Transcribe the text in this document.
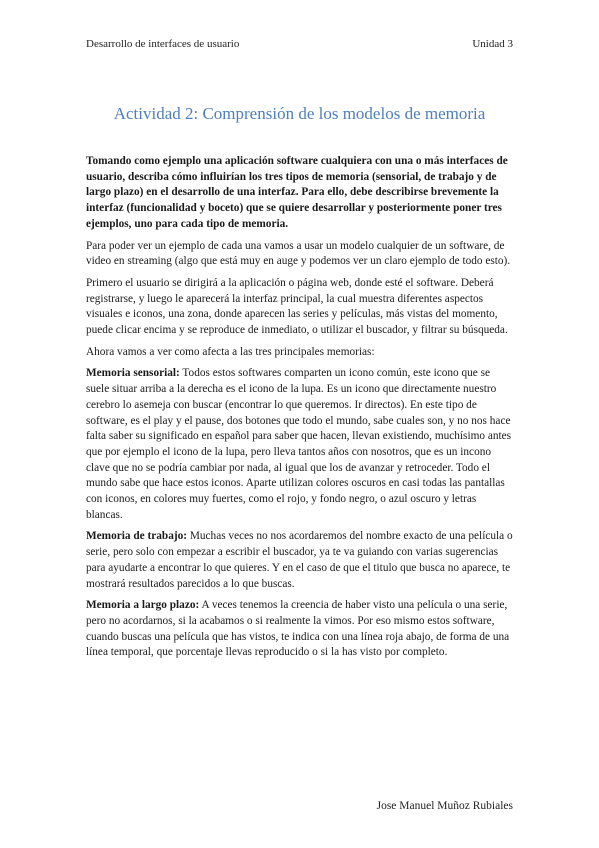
Desarrollo de interfaces de usuario	Unidad 3
Actividad 2: Comprensión de los modelos de memoria

Tomando como ejemplo una aplicación software cualquiera con una o más interfaces de usuario, describa cómo influirían los tres tipos de memoria (sensorial, de trabajo y de largo plazo) en el desarrollo de una interfaz. Para ello, debe describirse brevemente la interfaz (funcionalidad y boceto) que se quiere desarrollar y posteriormente poner tres ejemplos, uno para cada tipo de memoria.

Para poder ver un ejemplo de cada una vamos a usar un modelo cualquier de un software, de video en streaming (algo que está muy en auge y podemos ver un claro ejemplo de todo esto).

Primero el usuario se dirigirá a la aplicación o página web, donde esté el software. Deberá registrarse, y luego le aparecerá la interfaz principal, la cual muestra diferentes aspectos visuales e iconos, una zona, donde aparecen las series y películas, más vistas del momento, puede clicar encima y se reproduce de inmediato, o utilizar el buscador, y filtrar su búsqueda.

Ahora vamos a ver como afecta a las tres principales memorias:

Memoria sensorial: Todos estos softwares comparten un icono común, este icono que se suele situar arriba a la derecha es el icono de la lupa. Es un icono que directamente nuestro cerebro lo asemeja con buscar (encontrar lo que queremos. Ir directos). En este tipo de software, es el play y el pause, dos botones que todo el mundo, sabe cuales son, y no nos hace falta saber su significado en español para saber que hacen, llevan existiendo, muchísimo antes que por ejemplo el icono de la lupa, pero lleva tantos años con nosotros, que es un incono clave que no se podría cambiar por nada, al igual que los de avanzar y retroceder. Todo el mundo sabe que hace estos iconos. Aparte utilizan colores oscuros en casi todas las pantallas con iconos, en colores muy fuertes, como el rojo, y fondo negro, o azul oscuro y letras blancas.

Memoria de trabajo: Muchas veces no nos acordaremos del nombre exacto de una película o serie, pero solo con empezar a escribir el buscador, ya te va guiando con varias sugerencias para ayudarte a encontrar lo que quieres. Y en el caso de que el titulo que busca no aparece, te mostrará resultados parecidos a lo que buscas.

Memoria a largo plazo: A veces tenemos la creencia de haber visto una película o una serie, pero no acordarnos, si la acabamos o si realmente la vimos. Por eso mismo estos software, cuando buscas una película que has vistos, te indica con una línea roja abajo, de forma de una línea temporal, que porcentaje llevas reproducido o si la has visto por completo.

Jose Manuel Muñoz Rubiales
